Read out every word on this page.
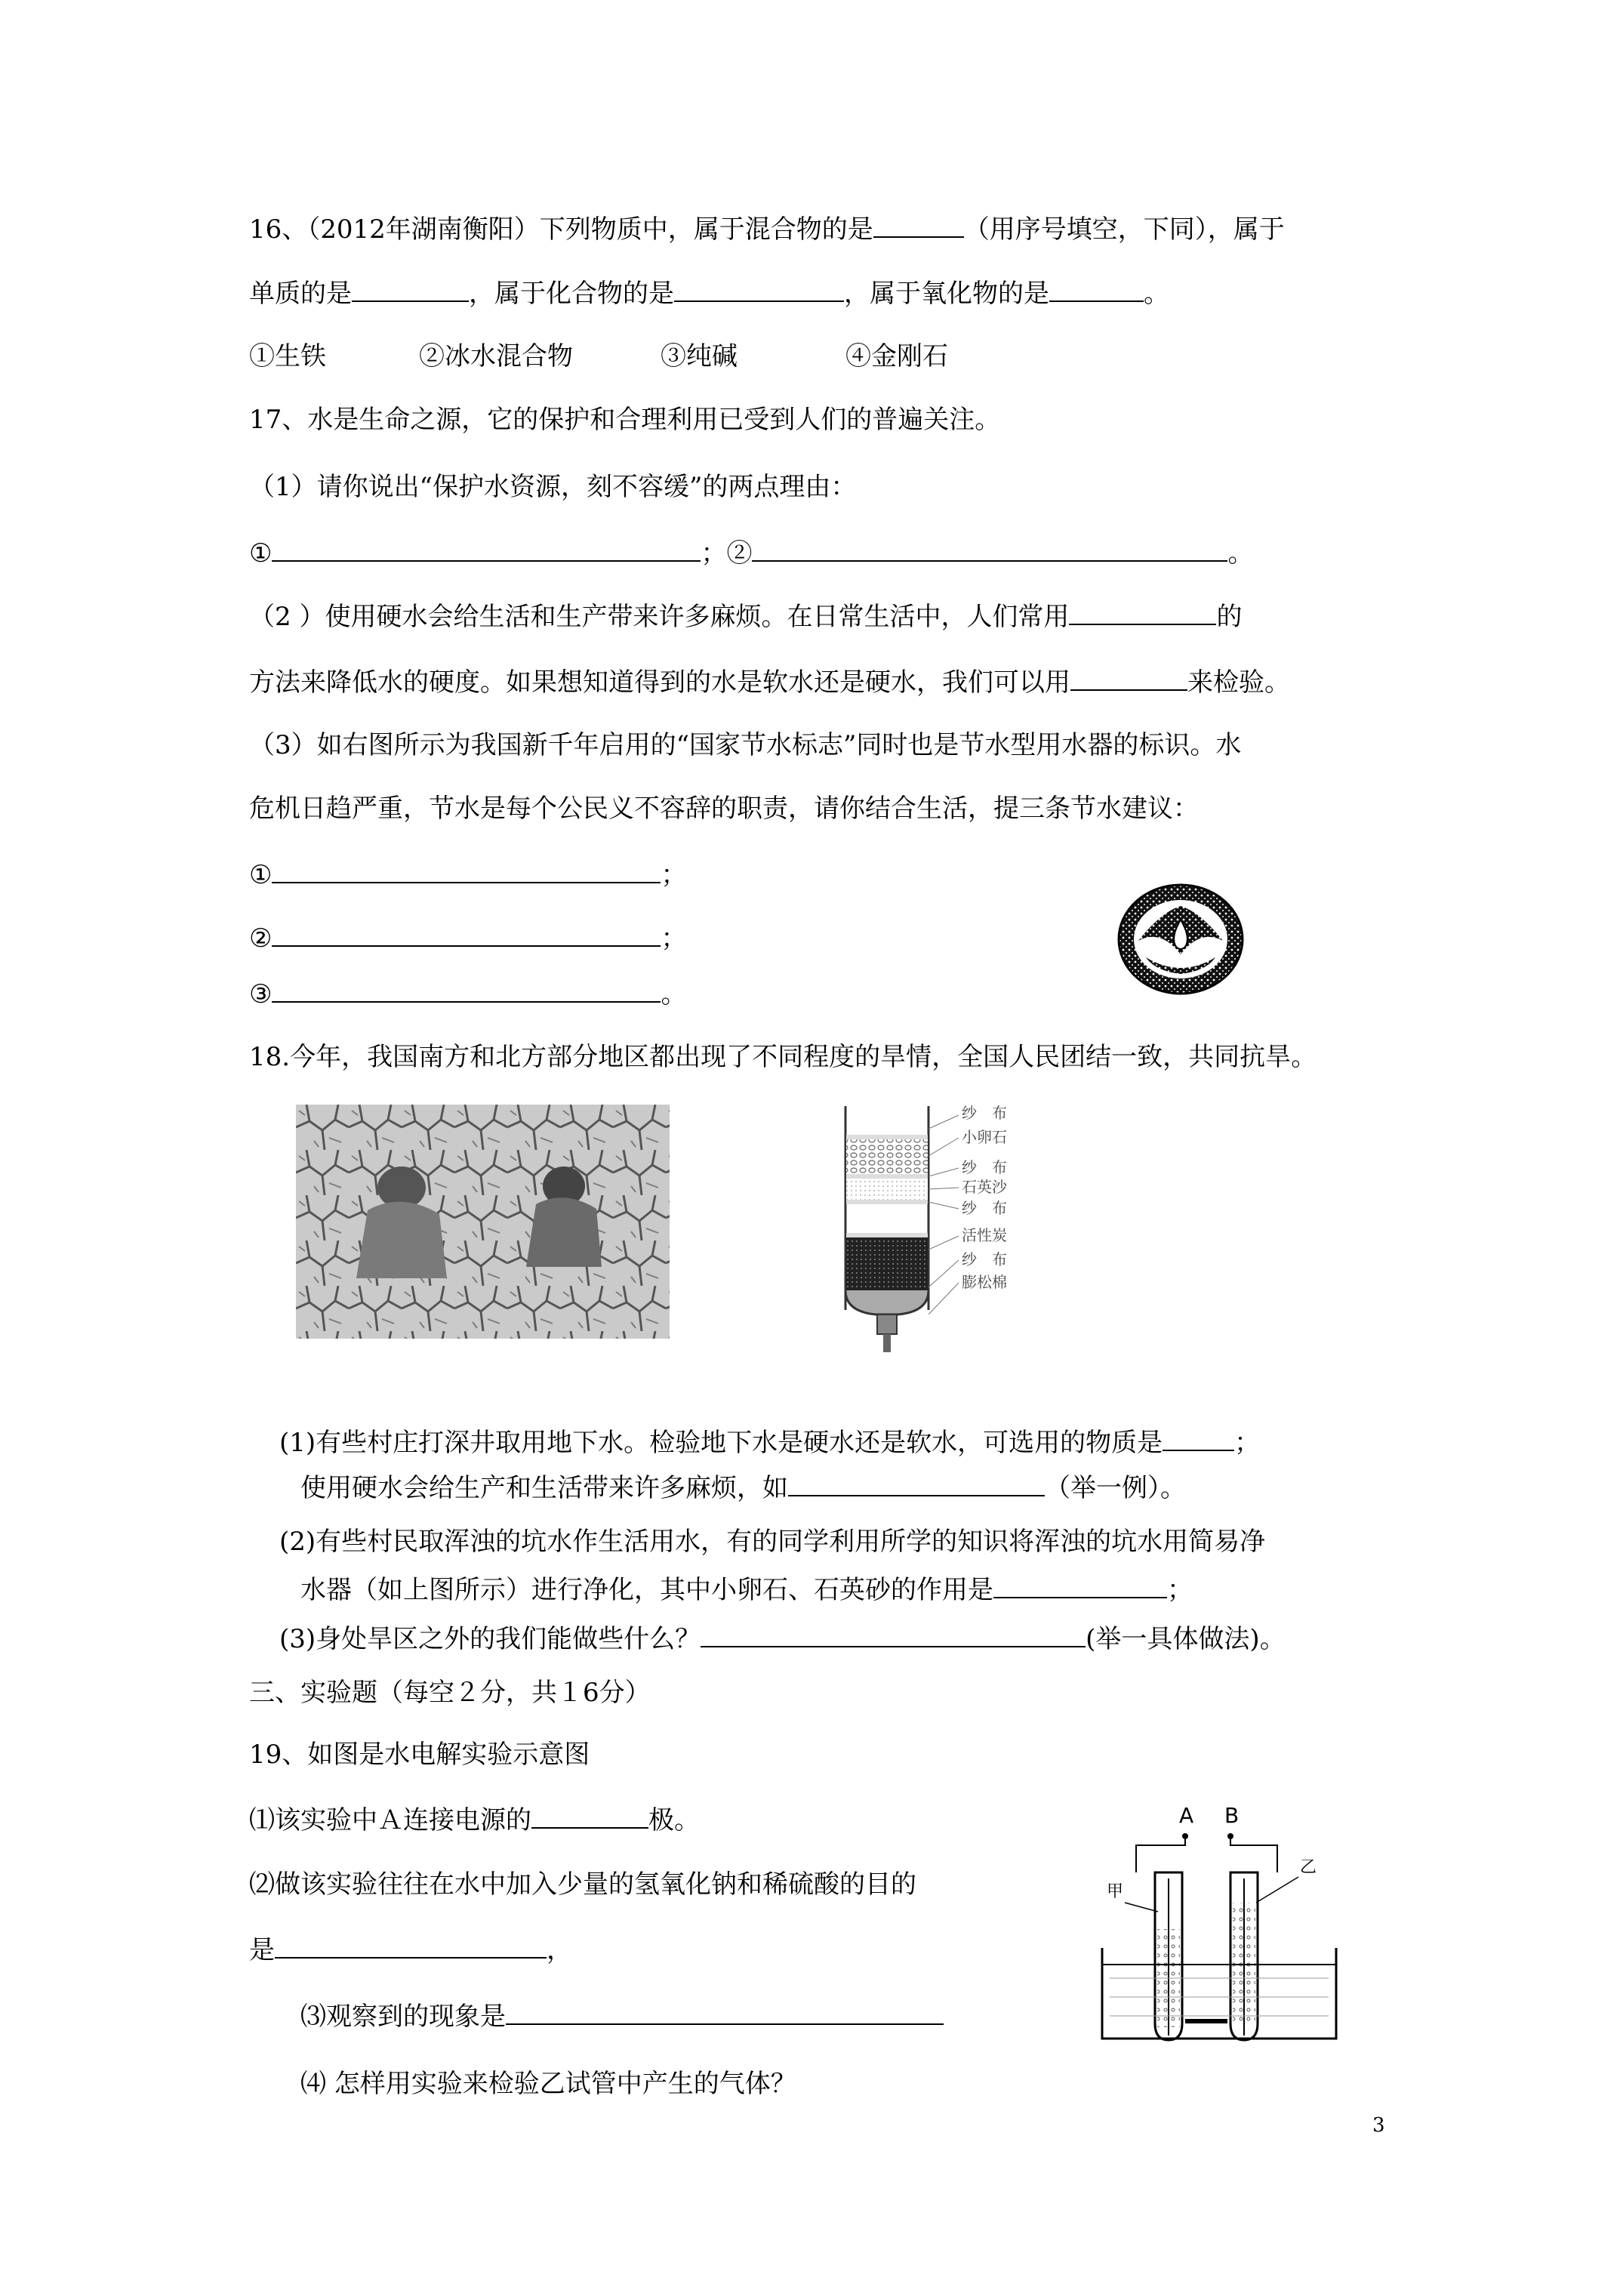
16、（2012年湖南衡阳）下列物质中，属于混合物的是	（用序号填空，下同），属于
单质的是	，属于化合物的是	，属于氧化物的是	。
①生铁	②冰水混合物	③纯碱	④金刚石
17、水是生命之源，它的保护和合理利用已受到人们的普遍关注。
（1）请你说出“保护水资源，刻不容缓”的两点理由：
①	；②	。
（2 ）使用硬水会给生活和生产带来许多麻烦。在日常生活中，人们常用	的
方法来降低水的硬度。如果想知道得到的水是软水还是硬水，我们可以用	来检验。
（3）如右图所示为我国新千年启用的“国家节水标志”同时也是节水型用水器的标识。水
危机日趋严重，节水是每个公民义不容辞的职责，请你结合生活，提三条节水建议：
①	；
②	；
③	。
18.今年，我国南方和北方部分地区都出现了不同程度的旱情，全国人民团结一致，共同抗旱。
纱　布
小卵石
纱　布
石英沙
纱　布
活性炭
纱　布
膨松棉
(1)有些村庄打深井取用地下水。检验地下水是硬水还是软水，可选用的物质是	；
使用硬水会给生产和生活带来许多麻烦，如	（举一例）。
(2)有些村民取浑浊的坑水作生活用水，有的同学利用所学的知识将浑浊的坑水用简易净
水器（如上图所示）进行净化，其中小卵石、石英砂的作用是	；
(3)身处旱区之外的我们能做些什么？	(举一具体做法)。
三、实验题（每空２分，共１6分）
19、如图是水电解实验示意图
⑴该实验中Ａ连接电源的	极。
⑵做该实验往往在水中加入少量的氢氧化钠和稀硫酸的目的
是	，
⑶观察到的现象是
⑷ 怎样用实验来检验乙试管中产生的气体？
A B
甲
乙
3
